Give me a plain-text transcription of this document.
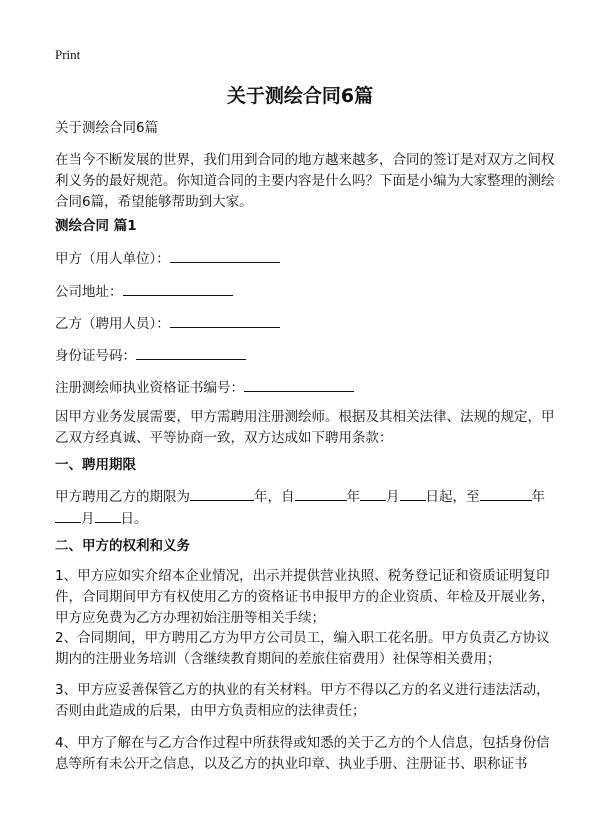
Print
关于测绘合同6篇
关于测绘合同6篇
在当今不断发展的世界，我们用到合同的地方越来越多，合同的签订是对双方之间权利义务的最好规范。你知道合同的主要内容是什么吗？下面是小编为大家整理的测绘合同6篇，希望能够帮助到大家。
测绘合同 篇1
甲方（用人单位）：
公司地址：
乙方（聘用人员）：
身份证号码：
注册测绘师执业资格证书编号：
因甲方业务发展需要，甲方需聘用注册测绘师。根据及其相关法律、法规的规定，甲乙双方经真诚、平等协商一致，双方达成如下聘用条款：
一、聘用期限
甲方聘用乙方的期限为	年，自	年 月 日起，至	年
月 日。
二、甲方的权利和义务
1、甲方应如实介绍本企业情况，出示并提供营业执照、税务登记证和资质证明复印件，合同期间甲方有权使用乙方的资格证书申报甲方的企业资质、年检及开展业务，甲方应免费为乙方办理初始注册等相关手续；
2、合同期间，甲方聘用乙方为甲方公司员工，编入职工花名册。甲方负责乙方协议期内的注册业务培训（含继续教育期间的差旅住宿费用）社保等相关费用；
3、甲方应妥善保管乙方的执业的有关材料。甲方不得以乙方的名义进行违法活动，否则由此造成的后果，由甲方负责相应的法律责任；
4、甲方了解在与乙方合作过程中所获得或知悉的关于乙方的个人信息，包括身份信息等所有未公开之信息，以及乙方的执业印章、执业手册、注册证书、职称证书
